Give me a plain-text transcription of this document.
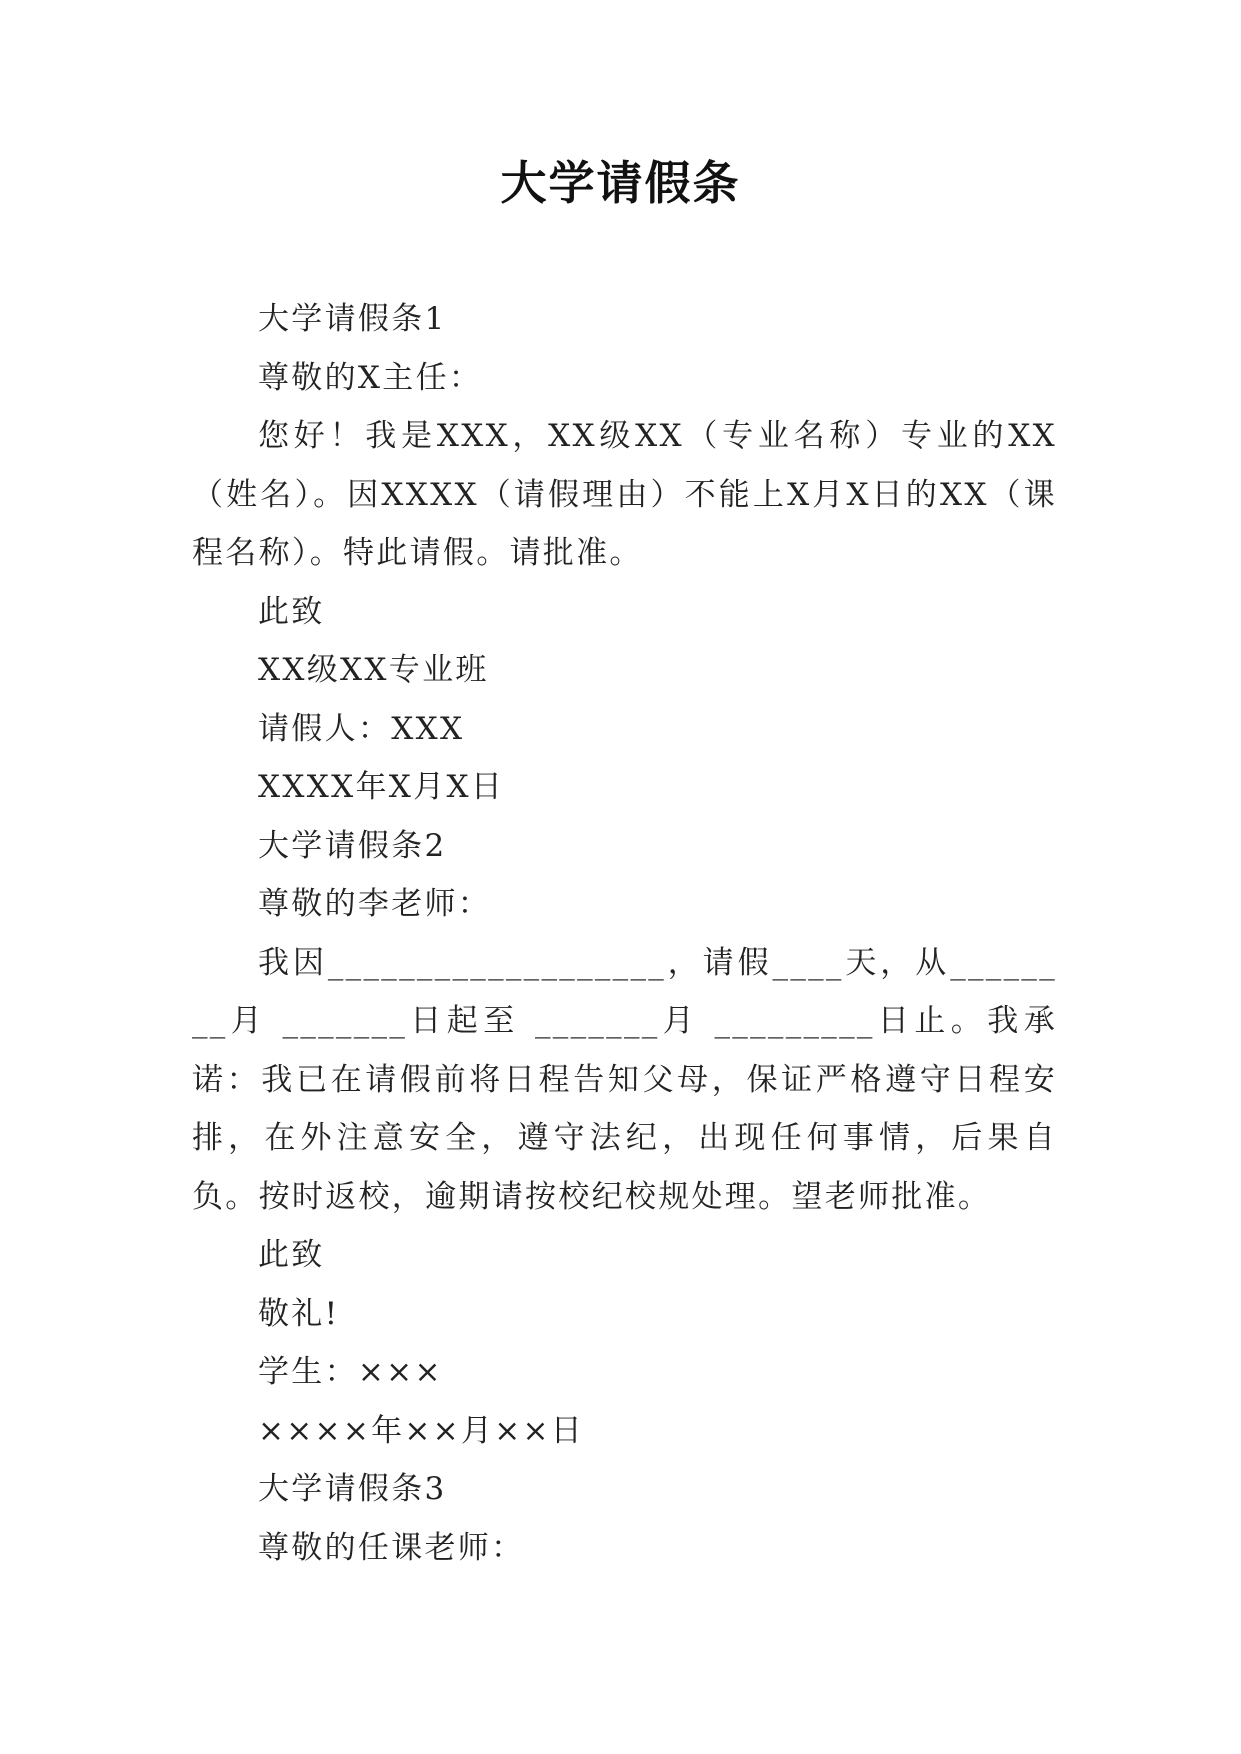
大学请假条

大学请假条1

尊敬的X主任：

您好！我是XXX，XX级XX（专业名称）专业的XX（姓名）。因XXXX（请假理由）不能上X月X日的XX（课程名称）。特此请假。请批准。

此致

XX级XX专业班

请假人：XXX

XXXX年X月X日

大学请假条2

尊敬的李老师：

我因___________________，请假____天，从________月 _______日起至 _______月 _________日止。我承诺：我已在请假前将日程告知父母，保证严格遵守日程安排，在外注意安全，遵守法纪，出现任何事情，后果自负。按时返校，逾期请按校纪校规处理。望老师批准。

此致

敬礼!

学生：×××

××××年××月××日

大学请假条3

尊敬的任课老师：
